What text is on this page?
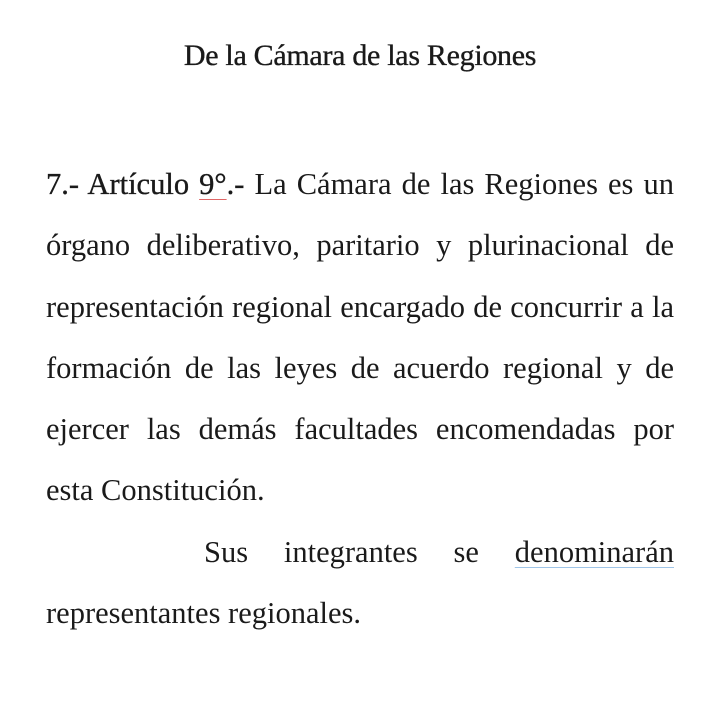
De la Cámara de las Regiones

7.- Artículo 9°.- La Cámara de las Regiones es un órgano deliberativo, paritario y plurinacional de representación regional encargado de concurrir a la formación de las leyes de acuerdo regional y de ejercer las demás facultades encomendadas por esta Constitución.

Sus integrantes se denominarán representantes regionales.
